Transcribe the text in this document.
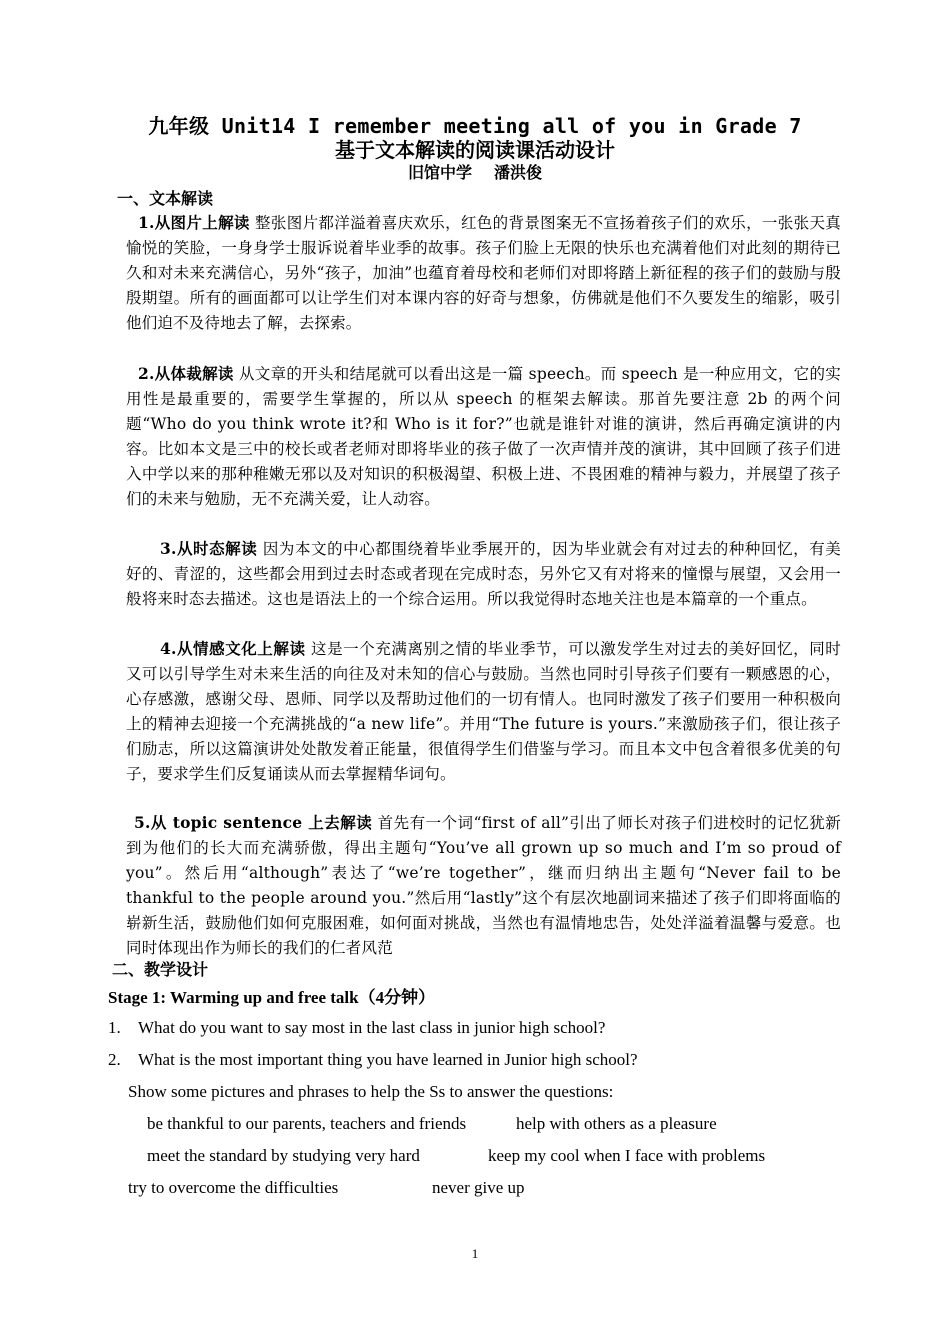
九年级 Unit14 I remember meeting all of you in Grade 7
基于文本解读的阅读课活动设计
旧馆中学 潘洪俊
一、文本解读
1.从图片上解读 整张图片都洋溢着喜庆欢乐，红色的背景图案无不宣扬着孩子们的欢乐，一张张天真愉悦的笑脸，一身身学士服诉说着毕业季的故事。孩子们脸上无限的快乐也充满着他们对此刻的期待已久和对未来充满信心，另外“孩子，加油”也蕴育着母校和老师们对即将踏上新征程的孩子们的鼓励与殷殷期望。所有的画面都可以让学生们对本课内容的好奇与想象，仿佛就是他们不久要发生的缩影，吸引他们迫不及待地去了解，去探索。
2.从体裁解读 从文章的开头和结尾就可以看出这是一篇 speech。而 speech 是一种应用文，它的实用性是最重要的，需要学生掌握的，所以从 speech 的框架去解读。那首先要注意 2b 的两个问题“Who do you think wrote it?和 Who is it for?”也就是谁针对谁的演讲，然后再确定演讲的内容。比如本文是三中的校长或者老师对即将毕业的孩子做了一次声情并茂的演讲，其中回顾了孩子们进入中学以来的那种稚嫩无邪以及对知识的积极渴望、积极上进、不畏困难的精神与毅力，并展望了孩子们的未来与勉励，无不充满关爱，让人动容。
3.从时态解读 因为本文的中心都围绕着毕业季展开的，因为毕业就会有对过去的种种回忆，有美好的、青涩的，这些都会用到过去时态或者现在完成时态，另外它又有对将来的憧憬与展望，又会用一般将来时态去描述。这也是语法上的一个综合运用。所以我觉得时态地关注也是本篇章的一个重点。
4.从情感文化上解读 这是一个充满离别之情的毕业季节，可以激发学生对过去的美好回忆，同时又可以引导学生对未来生活的向往及对未知的信心与鼓励。当然也同时引导孩子们要有一颗感恩的心，心存感激，感谢父母、恩师、同学以及帮助过他们的一切有情人。也同时激发了孩子们要用一种积极向上的精神去迎接一个充满挑战的“a new life”。并用“The future is yours.”来激励孩子们，很让孩子们励志，所以这篇演讲处处散发着正能量，很值得学生们借鉴与学习。而且本文中包含着很多优美的句子，要求学生们反复诵读从而去掌握精华词句。
5.从 topic sentence 上去解读 首先有一个词“first of all”引出了师长对孩子们进校时的记忆犹新到为他们的长大而充满骄傲，得出主题句“You’ve all grown up so much and I’m so proud of you”。然后用“although”表达了“we’re together”，继而归纳出主题句“Never fail to be thankful to the people around you.”然后用“lastly”这个有层次地副词来描述了孩子们即将面临的崭新生活，鼓励他们如何克服困难，如何面对挑战，当然也有温情地忠告，处处洋溢着温馨与爱意。也同时体现出作为师长的我们的仁者风范
二、教学设计
Stage 1: Warming up and free talk（4分钟）
1. What do you want to say most in the last class in junior high school?
2. What is the most important thing you have learned in Junior high school?
Show some pictures and phrases to help the Ss to answer the questions:
be thankful to our parents, teachers and friends	help with others as a pleasure
meet the standard by studying very hard	keep my cool when I face with problems
try to overcome the difficulties	never give up
1
